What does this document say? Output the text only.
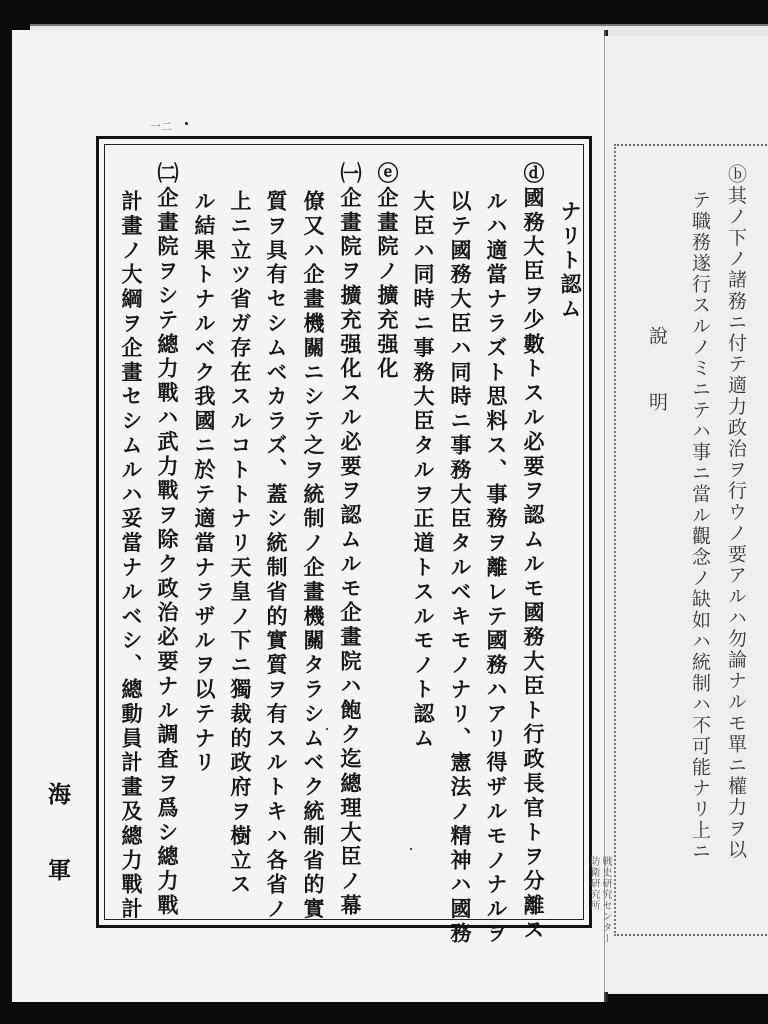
ナリト認ム
ⓓ國務大臣ヲ少數トスル必要ヲ認ムルモ國務大臣ト行政長官トヲ分離ス
ルハ適當ナラズト思料ス、事務ヲ離レテ國務ハアリ得ザルモノナルヲ
以テ國務大臣ハ同時ニ事務大臣タルベキモノナリ、憲法ノ精神ハ國務
大臣ハ同時ニ事務大臣タルヲ正道トスルモノト認ム
ⓔ企畫院ノ擴充强化
㈠企畫院ヲ擴充强化スル必要ヲ認ムルモ企畫院ハ飽ク迄總理大臣ノ幕
僚又ハ企畫機關ニシテ之ヲ統制ノ企畫機關タラシムベク統制省的實
質ヲ具有セシムベカラズ、蓋シ統制省的實質ヲ有スルトキハ各省ノ
上ニ立ツ省ガ存在スルコトトナリ天皇ノ下ニ獨裁的政府ヲ樹立ス
ル結果トナルベク我國ニ於テ適當ナラザルヲ以テナリ
㈡企畫院ヲシテ總力戰ハ武力戰ヲ除ク政治必要ナル調査ヲ爲シ總力戰
計畫ノ大綱ヲ企畫セシムルハ妥當ナルベシ、總動員計畫及總力戰計	ⓑ其ノ下ノ諸務ニ付テ適力政治ヲ行ウノ要アルハ勿論ナルモ單ニ權力ヲ以
テ職務遂行スルノミニテハ事ニ當ル觀念ノ缺如ハ統制ハ不可能ナリ上ニ
說
明
海
軍	防衛研究所 戦史研究センター
一二
